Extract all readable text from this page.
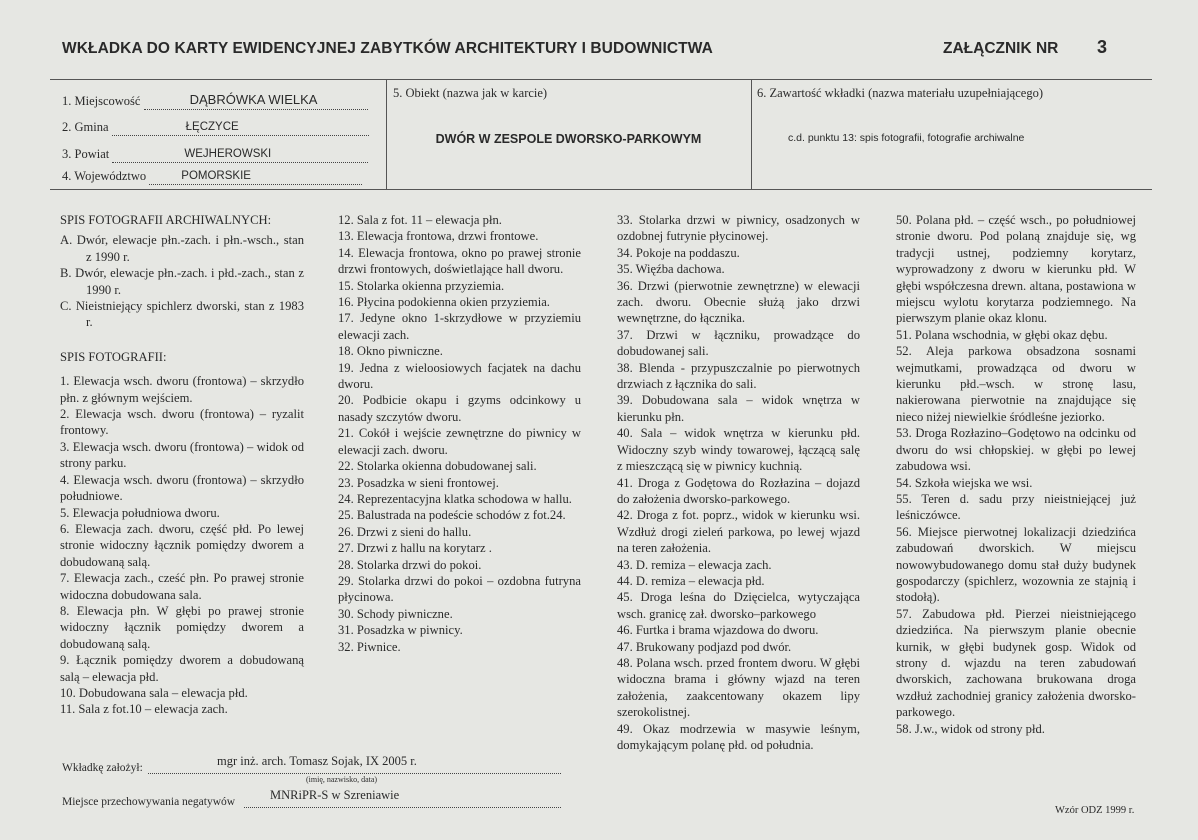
WKŁADKA DO KARTY EWIDENCYJNEJ ZABYTKÓW ARCHITEKTURY I BUDOWNICTWA	ZAŁĄCZNIK NR 3
1. Miejscowość	DĄBRÓWKA WIELKA

2. Gmina	ŁĘCZYCE

3. Powiat	WEJHEROWSKI

4. Województwo	POMORSKIE

5. Obiekt (nazwa jak w karcie)
DWÓR W ZESPOLE DWORSKO-PARKOWYM
6. Zawartość wkładki (nazwa materiału uzupełniającego)
c.d. punktu 13: spis fotografii, fotografie archiwalne

SPIS FOTOGRAFII ARCHIWALNYCH:

A. Dwór, elewacje płn.-zach. i płn.-wsch., stan z 1990 r.

B. Dwór, elewacje płn.-zach. i płd.-zach., stan z 1990 r.

C. Nieistniejący spichlerz dworski, stan z 1983 r.

SPIS FOTOGRAFII:

1. Elewacja wsch. dworu (frontowa) – skrzydło płn. z głównym wejściem.

2. Elewacja wsch. dworu (frontowa) – ryzalit frontowy.

3. Elewacja wsch. dworu (frontowa) – widok od strony parku.

4. Elewacja wsch. dworu (frontowa) – skrzydło południowe.

5. Elewacja południowa dworu.

6. Elewacja zach. dworu, część płd. Po lewej stronie widoczny łącznik pomiędzy dworem a dobudowaną salą.

7. Elewacja zach., cześć płn. Po prawej stronie widoczna dobudowana sala.

8. Elewacja płn. W głębi po prawej stronie widoczny łącznik pomiędzy dworem a dobudowaną salą.

9. Łącznik pomiędzy dworem a dobudowaną salą – elewacja płd.

10. Dobudowana sala – elewacja płd.

11. Sala z fot.10 – elewacja zach.

12. Sala z fot. 11 – elewacja płn.

13. Elewacja frontowa, drzwi frontowe.

14. Elewacja frontowa, okno po prawej stronie drzwi frontowych, doświetlające hall dworu.

15. Stolarka okienna przyziemia.

16. Płycina podokienna okien przyziemia.

17. Jedyne okno 1-skrzydłowe w przyziemiu elewacji zach.

18. Okno piwniczne.

19. Jedna z wieloosiowych facjatek na dachu dworu.

20. Podbicie okapu i gzyms odcinkowy u nasady szczytów dworu.

21. Cokół i wejście zewnętrzne do piwnicy w elewacji zach. dworu.

22. Stolarka okienna dobudowanej sali.

23. Posadzka w sieni frontowej.

24. Reprezentacyjna klatka schodowa w hallu.

25. Balustrada na podeście schodów z fot.24.

26. Drzwi z sieni do hallu.

27. Drzwi z hallu na korytarz .

28. Stolarka drzwi do pokoi.

29. Stolarka drzwi do pokoi – ozdobna futryna płycinowa.

30. Schody piwniczne.

31. Posadzka w piwnicy.

32. Piwnice.

33. Stolarka drzwi w piwnicy, osadzonych w ozdobnej futrynie płycinowej.

34. Pokoje na poddaszu.

35. Więźba dachowa.

36. Drzwi (pierwotnie zewnętrzne) w elewacji zach. dworu. Obecnie służą jako drzwi wewnętrzne, do łącznika.

37. Drzwi w łączniku, prowadzące do dobudowanej sali.

38. Blenda - przypuszczalnie po pierwotnych drzwiach z łącznika do sali.

39. Dobudowana sala – widok wnętrza w kierunku płn.

40. Sala – widok wnętrza w kierunku płd. Widoczny szyb windy towarowej, łączącą salę z mieszczącą się w piwnicy kuchnią.

41. Droga z Godętowa do Rozłazina – dojazd do założenia dworsko-parkowego.

42. Droga z fot. poprz., widok w kierunku wsi. Wzdłuż drogi zieleń parkowa, po lewej wjazd na teren założenia.

43. D. remiza – elewacja zach.

44. D. remiza – elewacja płd.

45. Droga leśna do Dzięcielca, wytyczająca wsch. granicę zał. dworsko–parkowego

46. Furtka i brama wjazdowa do dworu.

47. Brukowany podjazd pod dwór.

48. Polana wsch. przed frontem dworu. W głębi widoczna brama i główny wjazd na teren założenia, zaakcentowany okazem lipy szerokolistnej.

49. Okaz modrzewia w masywie leśnym, domykającym polanę płd. od południa.

50. Polana płd. – część wsch., po południowej stronie dworu. Pod polaną znajduje się, wg tradycji ustnej, podziemny korytarz, wyprowadzony z dworu w kierunku płd. W głębi współczesna drewn. altana, postawiona w miejscu wylotu korytarza podziemnego. Na pierwszym planie okaz klonu.

51. Polana wschodnia, w głębi okaz dębu.

52. Aleja parkowa obsadzona sosnami wejmutkami, prowadząca od dworu w kierunku płd.–wsch. w stronę lasu, nakierowana pierwotnie na znajdujące się nieco niżej niewielkie śródleśne jeziorko.

53. Droga Rozłazino–Godętowo na odcinku od dworu do wsi chłopskiej. w głębi po lewej zabudowa wsi.

54. Szkoła wiejska we wsi.

55. Teren d. sadu przy nieistniejącej już leśniczówce.

56. Miejsce pierwotnej lokalizacji dziedzińca zabudowań dworskich. W miejscu nowowybudowanego domu stał duży budynek gospodarczy (spichlerz, wozownia ze stajnią i stodołą).

57. Zabudowa płd. Pierzei nieistniejącego dziedzińca. Na pierwszym planie obecnie kurnik, w głębi budynek gosp. Widok od strony d. wjazdu na teren zabudowań dworskich, zachowana brukowana droga wzdłuż zachodniej granicy założenia dworsko-parkowego.

58. J.w., widok od strony płd.

Wkładkę założył:	mgr inż. arch. Tomasz Sojak, IX 2005 r.
(imię, nazwisko, data)
Miejsce przechowywania negatywów	MNRiPR-S w Szreniawie
Wzór ODZ 1999 r.
